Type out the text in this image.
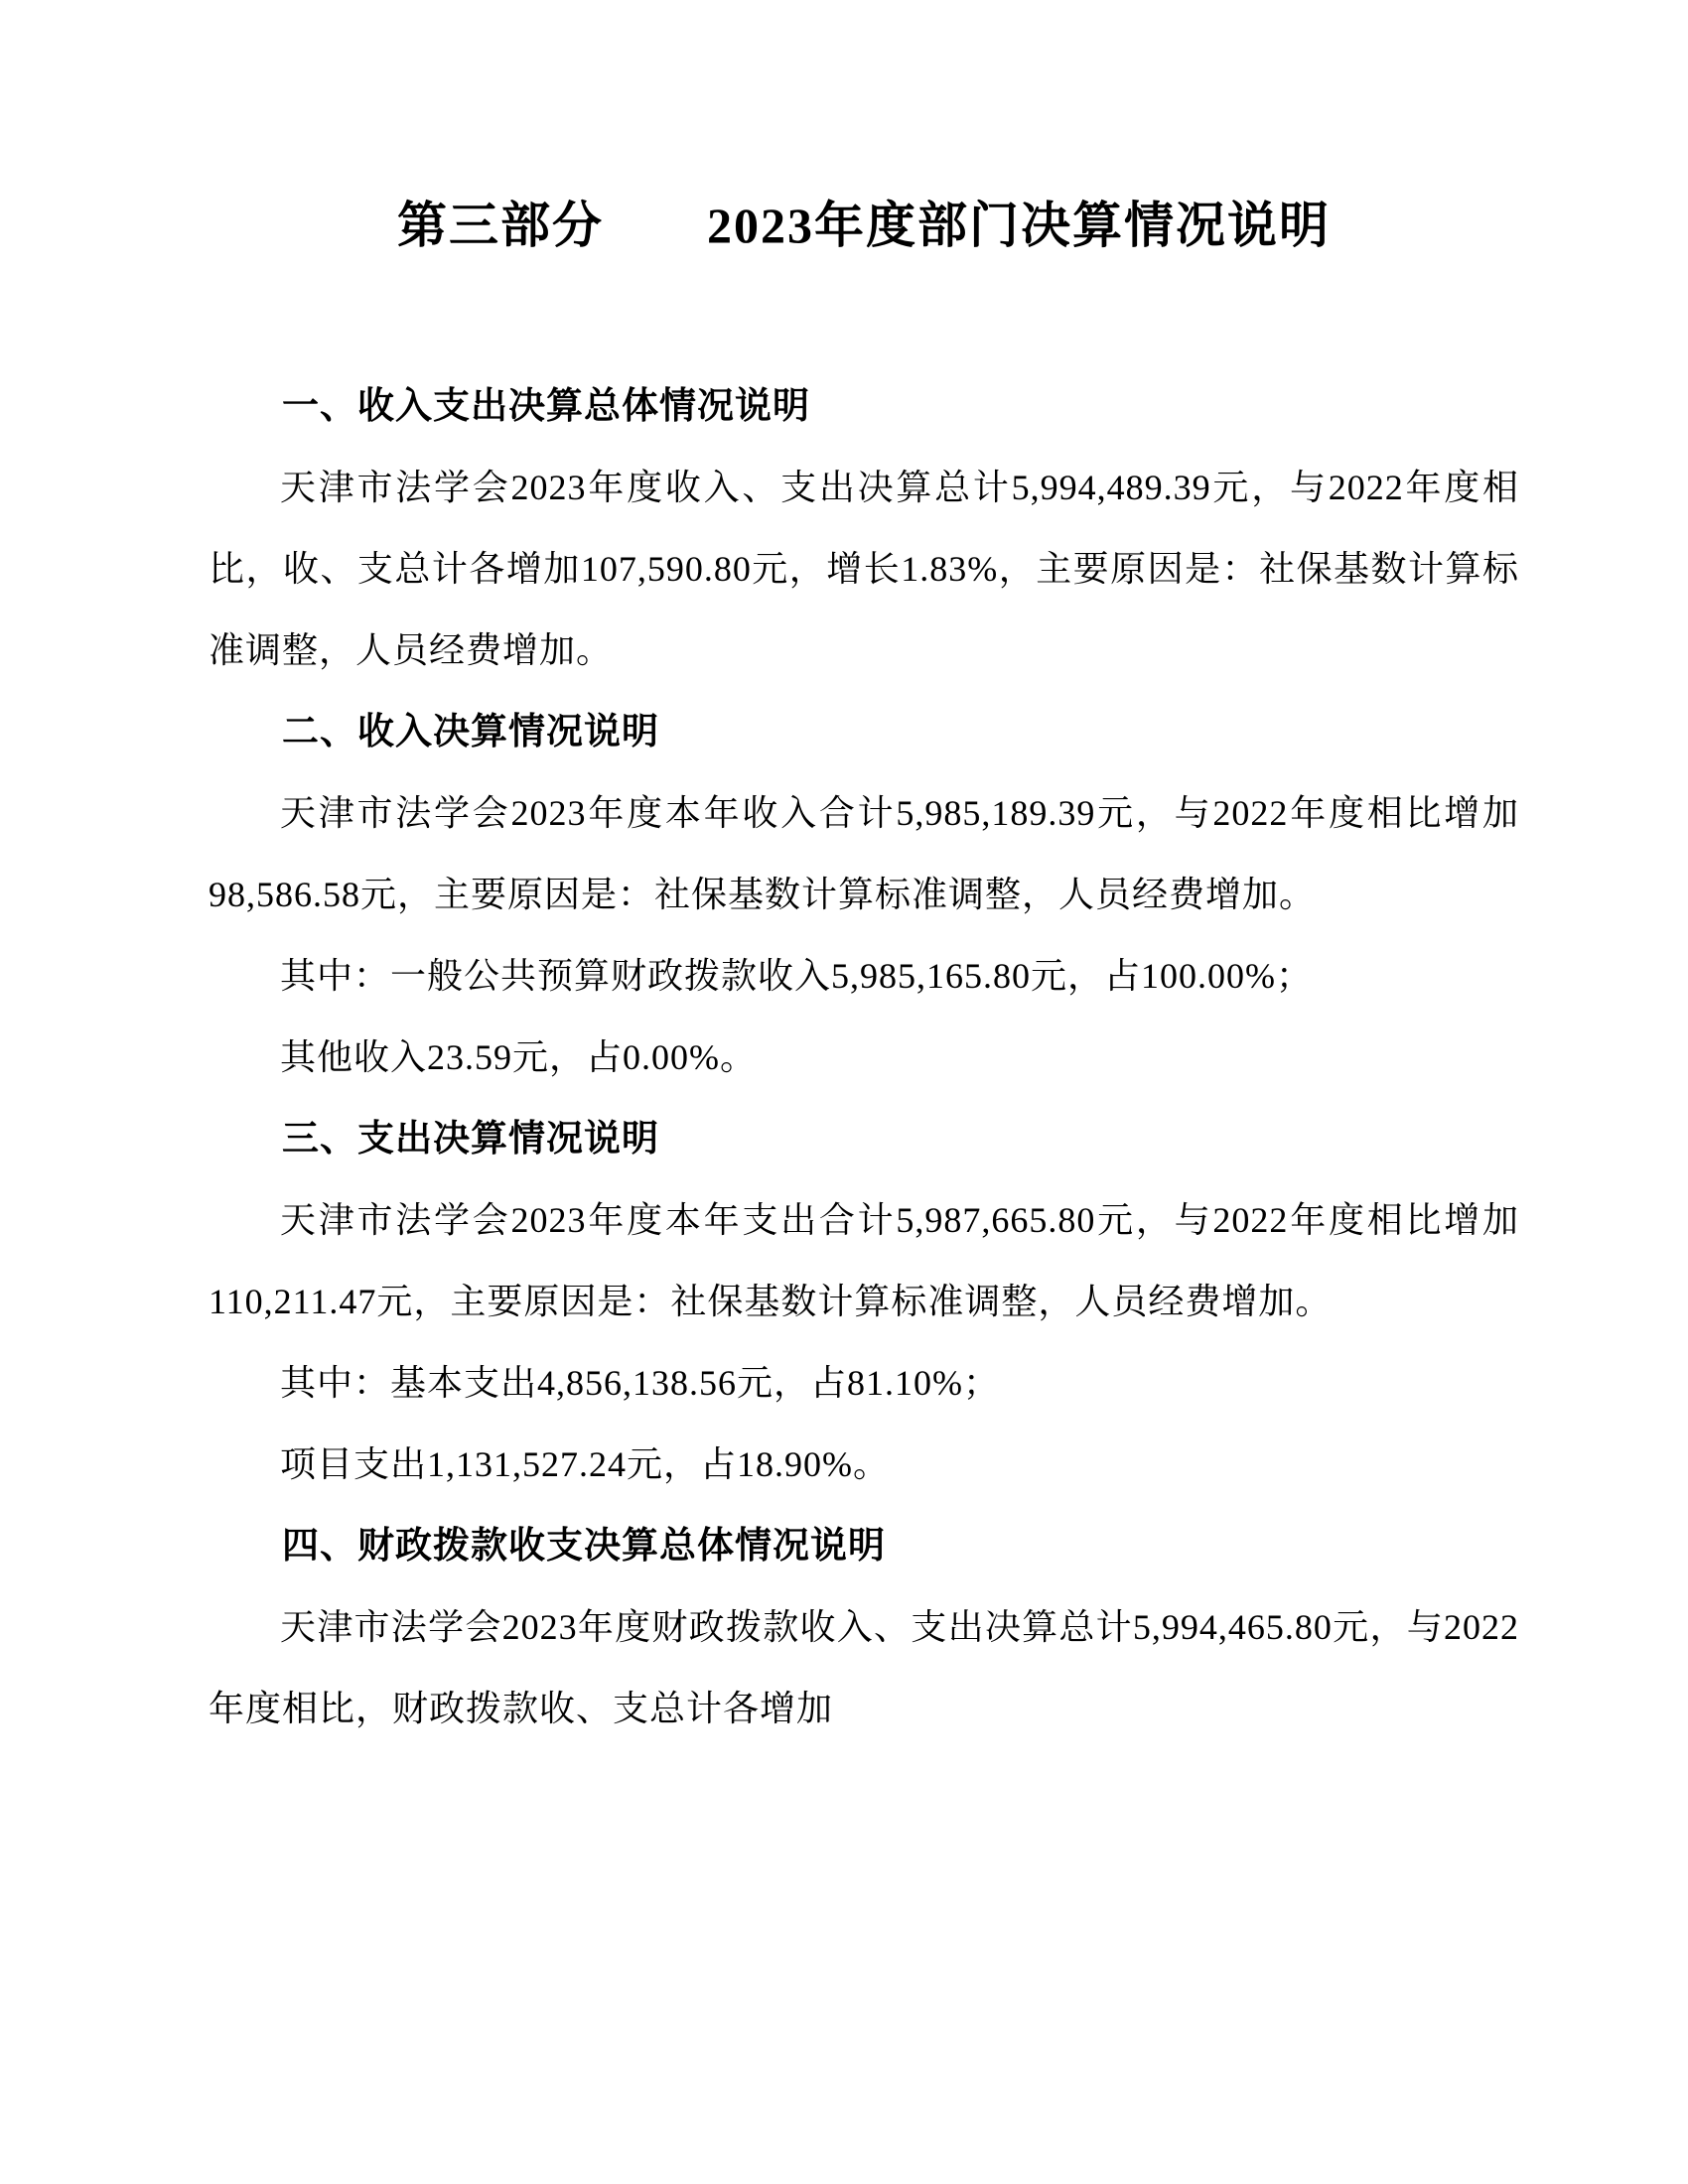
第三部分　　2023年度部门决算情况说明
一、收入支出决算总体情况说明

天津市法学会2023年度收入、支出决算总计5,994,489.39元，与2022年度相比，收、支总计各增加107,590.80元，增长1.83%，主要原因是：社保基数计算标准调整，人员经费增加。

二、收入决算情况说明

天津市法学会2023年度本年收入合计5,985,189.39元，与2022年度相比增加98,586.58元，主要原因是：社保基数计算标准调整，人员经费增加。

其中：一般公共预算财政拨款收入5,985,165.80元，占100.00%；

其他收入23.59元，占0.00%。

三、支出决算情况说明

天津市法学会2023年度本年支出合计5,987,665.80元，与2022年度相比增加110,211.47元，主要原因是：社保基数计算标准调整，人员经费增加。

其中：基本支出4,856,138.56元，占81.10%；

项目支出1,131,527.24元，占18.90%。

四、财政拨款收支决算总体情况说明

天津市法学会2023年度财政拨款收入、支出决算总计5,994,465.80元，与2022年度相比，财政拨款收、支总计各增加
